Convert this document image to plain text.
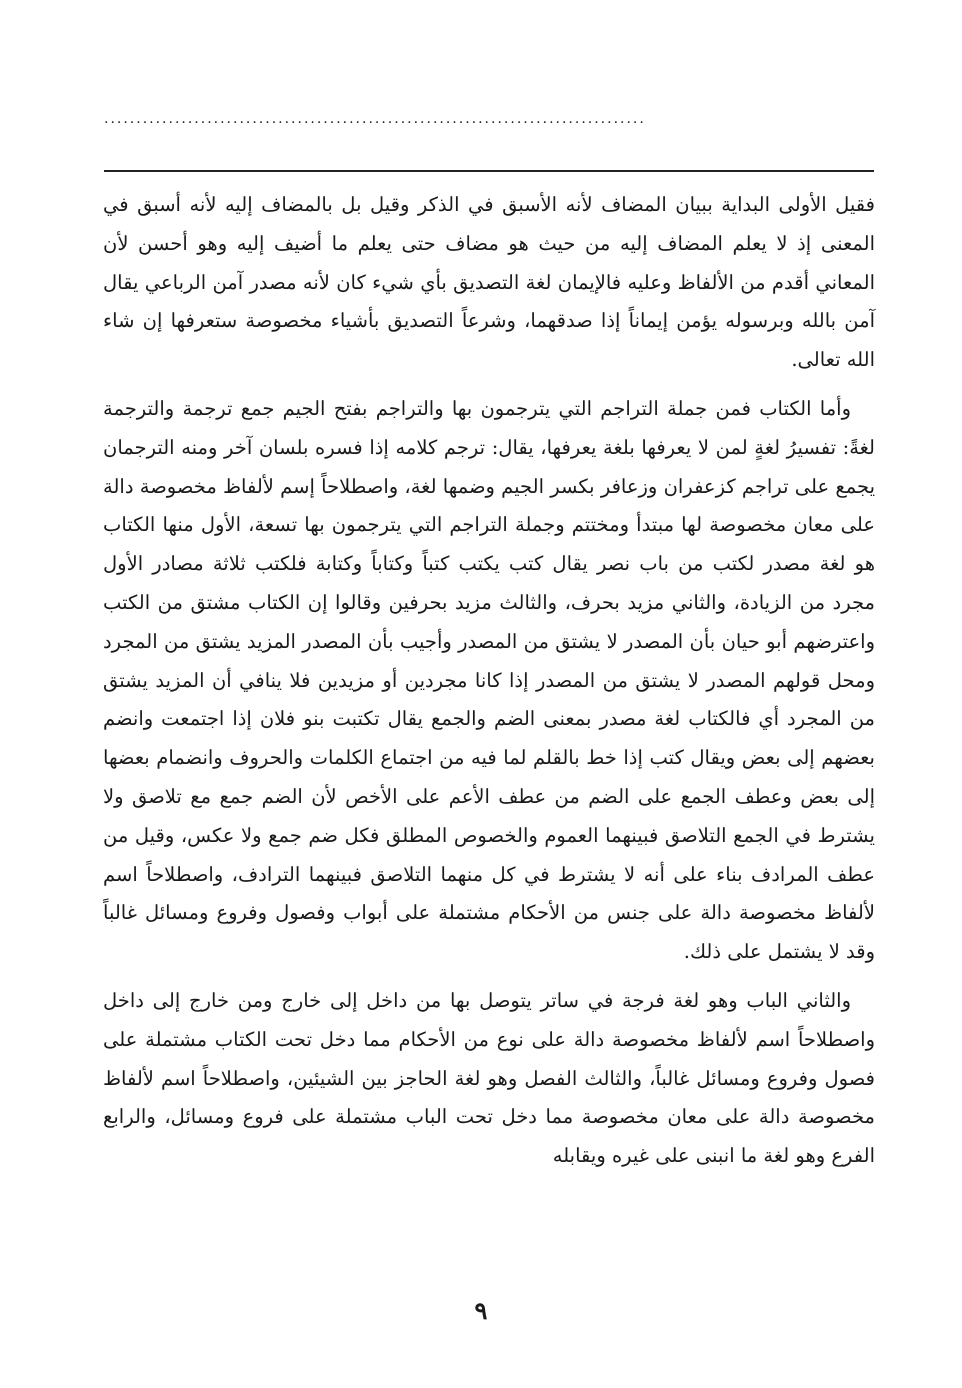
....................................................................................

فقيل الأولى البداية ببيان المضاف لأنه الأسبق في الذكر وقيل بل بالمضاف إليه لأنه أسبق في المعنى إذ لا يعلم المضاف إليه من حيث هو مضاف حتى يعلم ما أضيف إليه وهو أحسن لأن المعاني أقدم من الألفاظ وعليه فالإيمان لغة التصديق بأي شيء كان لأنه مصدر آمن الرباعي يقال آمن بالله وبرسوله يؤمن إيماناً إذا صدقهما، وشرعاً التصديق بأشياء مخصوصة ستعرفها إن شاء الله تعالى.

وأما الكتاب فمن جملة التراجم التي يترجمون بها والتراجم بفتح الجيم جمع ترجمة والترجمة لغةً: تفسيرُ لغةٍ لمن لا يعرفها بلغة يعرفها، يقال: ترجم كلامه إذا فسره بلسان آخر ومنه الترجمان يجمع على تراجم كزعفران وزعافر بكسر الجيم وضمها لغة، واصطلاحاً إسم لألفاظ مخصوصة دالة على معان مخصوصة لها مبتدأ ومختتم وجملة التراجم التي يترجمون بها تسعة، الأول منها الكتاب هو لغة مصدر لكتب من باب نصر يقال كتب يكتب كتباً وكتاباً وكتابة فلكتب ثلاثة مصادر الأول مجرد من الزيادة، والثاني مزيد بحرف، والثالث مزيد بحرفين وقالوا إن الكتاب مشتق من الكتب واعترضهم أبو حيان بأن المصدر لا يشتق من المصدر وأجيب بأن المصدر المزيد يشتق من المجرد ومحل قولهم المصدر لا يشتق من المصدر إذا كانا مجردين أو مزيدين فلا ينافي أن المزيد يشتق من المجرد أي فالكتاب لغة مصدر بمعنى الضم والجمع يقال تكتبت بنو فلان إذا اجتمعت وانضم بعضهم إلى بعض ويقال كتب إذا خط بالقلم لما فيه من اجتماع الكلمات والحروف وانضمام بعضها إلى بعض وعطف الجمع على الضم من عطف الأعم على الأخص لأن الضم جمع مع تلاصق ولا يشترط في الجمع التلاصق فبينهما العموم والخصوص المطلق فكل ضم جمع ولا عكس، وقيل من عطف المرادف بناء على أنه لا يشترط في كل منهما التلاصق فبينهما الترادف، واصطلاحاً اسم لألفاظ مخصوصة دالة على جنس من الأحكام مشتملة على أبواب وفصول وفروع ومسائل غالباً وقد لا يشتمل على ذلك.

والثاني الباب وهو لغة فرجة في ساتر يتوصل بها من داخل إلى خارج ومن خارج إلى داخل واصطلاحاً اسم لألفاظ مخصوصة دالة على نوع من الأحكام مما دخل تحت الكتاب مشتملة على فصول وفروع ومسائل غالباً، والثالث الفصل وهو لغة الحاجز بين الشيئين، واصطلاحاً اسم لألفاظ مخصوصة دالة على معان مخصوصة مما دخل تحت الباب مشتملة على فروع ومسائل، والرابع الفرع وهو لغة ما انبنى على غيره ويقابله

٩
